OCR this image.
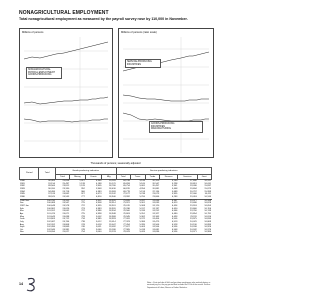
NONAGRICULTURAL EMPLOYMENT
Total nonagricultural employment as measured by the payroll survey rose by 110,000 in November.
Millions of persons
NONAGRICULTURAL
PAYROLL EMPLOYMENT
GOODS-PRODUCING
Millions of persons (ratio scale)
SERVICE-PRODUCING
INDUSTRIES
GOODS-PRODUCING
INDUSTRIES
MANUFACTURING
Thousands of persons; seasonally adjusted
Period	Total	Goods-producing industries				Service-producing industries					
		Total	Mining	Constr.	Mfg.	Total	Trans.	Trade	Finance	Services	Govt.
1980	90,406	25,658	1,027	4,346	20,285	64,748	5,146	20,310	5,160	17,890	16,241
1981	91,156	25,497	1,139	4,188	20,170	65,659	5,165	20,547	5,298	18,619	16,031
1982	89,566	23,812	1,128	3,905	18,780	65,754	5,081	20,457	5,341	19,036	15,837
1983	90,200	23,330	952	3,948	18,430	66,870	4,954	20,881	5,468	19,694	15,873
1984	94,496	24,718	966	4,383	19,369	69,778	5,159	22,134	5,689	20,797	15,999
1985	97,519	24,842	927	4,673	19,242	72,677	5,238	23,073	5,955	22,000	16,411
1986	99,525	24,533	777	4,816	18,940	74,992	5,255	23,866	6,283	23,053	16,535
1986 Nov	100,250	24,555	727	4,902	18,926	75,695	5,287	24,046	6,387	23,377	16,598
Dec	100,468	24,547	725	4,908	18,914	75,921	5,301	24,093	6,413	23,486	16,628
1987 Jan	100,648	24,578	722	4,955	18,901	76,070	5,308	24,120	6,434	23,553	16,655
Feb	100,962	24,626	723	4,983	18,920	76,336	5,317	24,197	6,450	23,666	16,706
Mar	101,202	24,642	722	4,986	18,934	76,560	5,333	24,252	6,466	23,760	16,749
Apr	101,474	24,671	725	4,998	18,948	76,803	5,351	24,327	6,480	23,854	16,791
May	101,643	24,698	728	5,002	18,968	76,945	5,362	24,363	6,493	23,911	16,816
June	101,803	24,712	734	4,985	18,993	77,091	5,372	24,404	6,505	23,975	16,835
July	102,087	24,764	738	5,012	19,014	77,323	5,384	24,475	6,519	24,076	16,869
Aug	102,262	24,808	743	5,018	19,047	77,454	5,395	24,506	6,528	24,130	16,895
Sept	102,496	24,869	746	5,031	19,092	77,627	5,403	24,554	6,536	24,208	16,926
Oct	102,946	24,981	749	5,046	19,186	77,965	5,418	24,681	6,548	24,342	16,976
Nov	103,056	25,027	754	5,040	19,233	78,029	5,426	24,696	6,556	24,371	16,980
Note.—Data include all full- and part-time employees who worked during, or received pay for, the pay period that includes the 12th of the month. Source: Department of Labor, Bureau of Labor Statistics.
14
